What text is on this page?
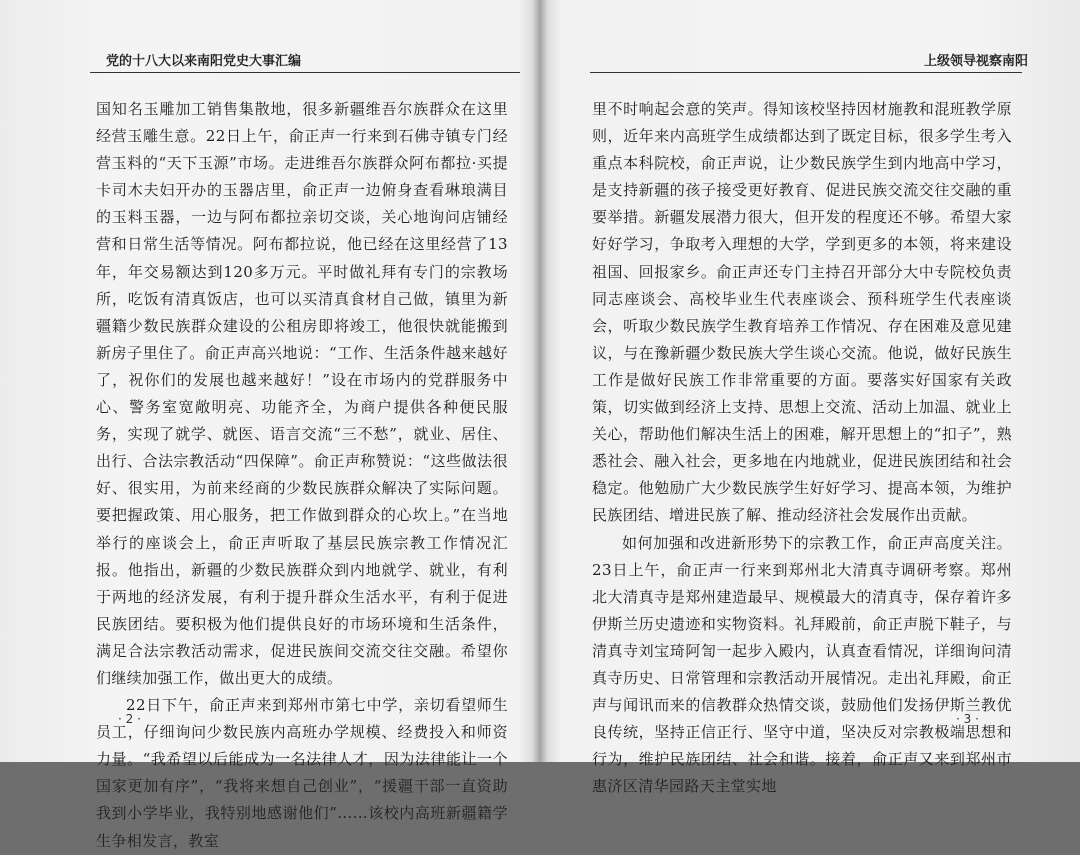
党的十八大以来南阳党史大事汇编

国知名玉雕加工销售集散地，很多新疆维吾尔族群众在这里经营玉雕生意。22日上午，俞正声一行来到石佛寺镇专门经营玉料的“天下玉源”市场。走进维吾尔族群众阿布都拉·买提卡司木夫妇开办的玉器店里，俞正声一边俯身查看琳琅满目的玉料玉器，一边与阿布都拉亲切交谈，关心地询问店铺经营和日常生活等情况。阿布都拉说，他已经在这里经营了13年，年交易额达到120多万元。平时做礼拜有专门的宗教场所，吃饭有清真饭店，也可以买清真食材自己做，镇里为新疆籍少数民族群众建设的公租房即将竣工，他很快就能搬到新房子里住了。俞正声高兴地说：“工作、生活条件越来越好了，祝你们的发展也越来越好！”设在市场内的党群服务中心、警务室宽敞明亮、功能齐全，为商户提供各种便民服务，实现了就学、就医、语言交流“三不愁”，就业、居住、出行、合法宗教活动“四保障”。俞正声称赞说：“这些做法很好、很实用，为前来经商的少数民族群众解决了实际问题。要把握政策、用心服务，把工作做到群众的心坎上。”在当地举行的座谈会上，俞正声听取了基层民族宗教工作情况汇报。他指出，新疆的少数民族群众到内地就学、就业，有利于两地的经济发展，有利于提升群众生活水平，有利于促进民族团结。要积极为他们提供良好的市场环境和生活条件，满足合法宗教活动需求，促进民族间交流交往交融。希望你们继续加强工作，做出更大的成绩。

22日下午，俞正声来到郑州市第七中学，亲切看望师生员工，仔细询问少数民族内高班办学规模、经费投入和师资力量。“我希望以后能成为一名法律人才，因为法律能让一个国家更加有序”，“我将来想自己创业”，“援疆干部一直资助我到小学毕业，我特别地感谢他们”……该校内高班新疆籍学生争相发言，教室

· 2 ·
上级领导视察南阳

里不时响起会意的笑声。得知该校坚持因材施教和混班教学原则，近年来内高班学生成绩都达到了既定目标，很多学生考入重点本科院校，俞正声说，让少数民族学生到内地高中学习，是支持新疆的孩子接受更好教育、促进民族交流交往交融的重要举措。新疆发展潜力很大，但开发的程度还不够。希望大家好好学习，争取考入理想的大学，学到更多的本领，将来建设祖国、回报家乡。俞正声还专门主持召开部分大中专院校负责同志座谈会、高校毕业生代表座谈会、预科班学生代表座谈会，听取少数民族学生教育培养工作情况、存在困难及意见建议，与在豫新疆少数民族大学生谈心交流。他说，做好民族生工作是做好民族工作非常重要的方面。要落实好国家有关政策，切实做到经济上支持、思想上交流、活动上加温、就业上关心，帮助他们解决生活上的困难，解开思想上的“扣子”，熟悉社会、融入社会，更多地在内地就业，促进民族团结和社会稳定。他勉励广大少数民族学生好好学习、提高本领，为维护民族团结、增进民族了解、推动经济社会发展作出贡献。

如何加强和改进新形势下的宗教工作，俞正声高度关注。23日上午，俞正声一行来到郑州北大清真寺调研考察。郑州北大清真寺是郑州建造最早、规模最大的清真寺，保存着许多伊斯兰历史遗迹和实物资料。礼拜殿前，俞正声脱下鞋子，与清真寺刘宝琦阿訇一起步入殿内，认真查看情况，详细询问清真寺历史、日常管理和宗教活动开展情况。走出礼拜殿，俞正声与闻讯而来的信教群众热情交谈，鼓励他们发扬伊斯兰教优良传统，坚持正信正行、坚守中道，坚决反对宗教极端思想和行为，维护民族团结、社会和谐。接着，俞正声又来到郑州市惠济区清华园路天主堂实地

· 3 ·
